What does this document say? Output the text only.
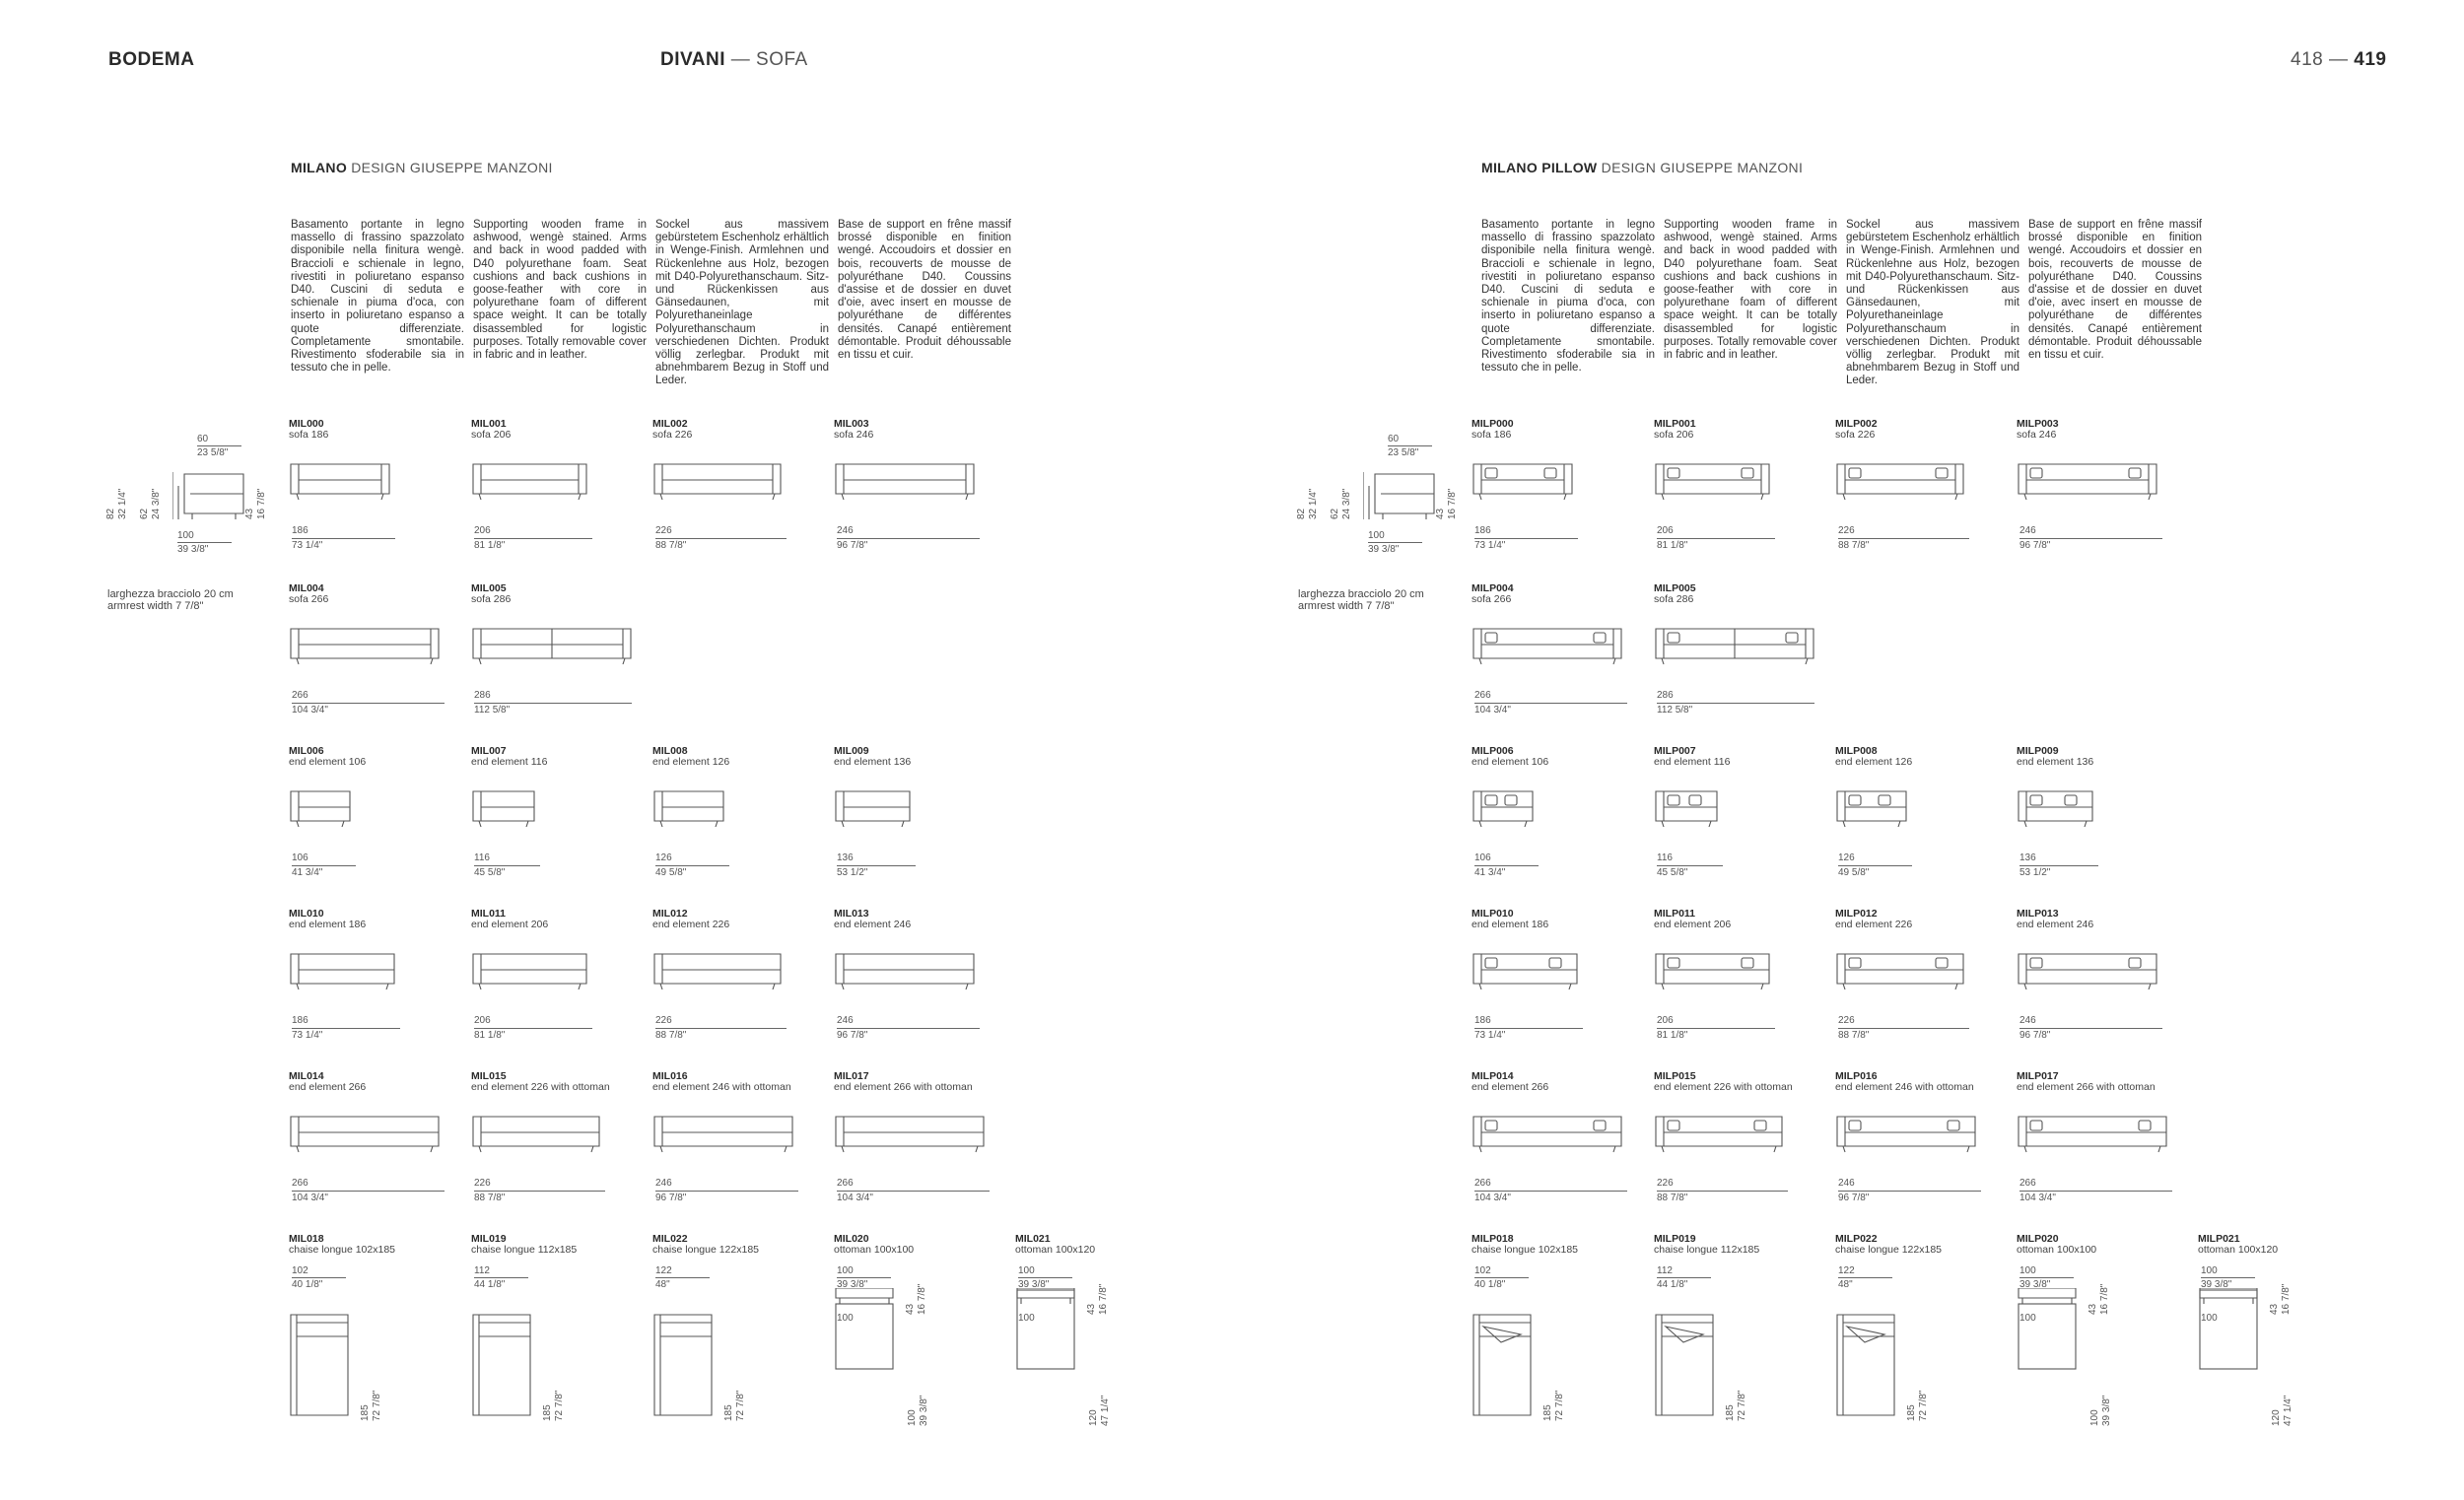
BODEMA	DIVANI — SOFA	418 — 419
MILANO DESIGN GIUSEPPE MANZONI
Basamento portante in legno massello di frassino spazzolato disponibile nella finitura wengè. Braccioli e schienale in legno, rivestiti in poliuretano espanso D40. Cuscini di seduta e schienale in piuma d'oca, con inserto in poliuretano espanso a quote differenziate. Completamente smontabile. Rivestimento sfoderabile sia in tessuto che in pelle.
Supporting wooden frame in ashwood, wengè stained. Arms and back in wood padded with D40 polyurethane foam. Seat cushions and back cushions in goose-feather with core in polyurethane foam of different space weight. It can be totally disassembled for logistic purposes. Totally removable cover in fabric and in leather.
Sockel aus massivem gebürstetem Eschenholz erhältlich in Wenge-Finish. Armlehnen und Rückenlehne aus Holz, bezogen mit D40-Polyurethanschaum. Sitz- und Rückenkissen aus Gänsedaunen, mit Polyurethaneinlage Polyurethanschaum in verschiedenen Dichten. Produkt völlig zerlegbar. Produkt mit abnehmbarem Bezug in Stoff und Leder.
Base de support en frêne massif brossé disponible en finition wengé. Accoudoirs et dossier en bois, recouverts de mousse de polyuréthane D40. Coussins d'assise et de dossier en duvet d'oie, avec insert en mousse de polyuréthane de différentes densités. Canapé entièrement démontable. Produit déhoussable en tissu et cuir.
MILANO PILLOW DESIGN GIUSEPPE MANZONI
Basamento portante in legno massello di frassino spazzolato disponibile nella finitura wengè. Braccioli e schienale in legno, rivestiti in poliuretano espanso D40. Cuscini di seduta e schienale in piuma d'oca, con inserto in poliuretano espanso a quote differenziate. Completamente smontabile. Rivestimento sfoderabile sia in tessuto che in pelle.
Supporting wooden frame in ashwood, wengè stained. Arms and back in wood padded with D40 polyurethane foam. Seat cushions and back cushions in goose-feather with core in polyurethane foam of different space weight. It can be totally disassembled for logistic purposes. Totally removable cover in fabric and in leather.
Sockel aus massivem gebürstetem Eschenholz erhältlich in Wenge-Finish. Armlehnen und Rückenlehne aus Holz, bezogen mit D40-Polyurethanschaum. Sitz- und Rückenkissen aus Gänsedaunen, mit Polyurethaneinlage Polyurethanschaum in verschiedenen Dichten. Produkt völlig zerlegbar. Produkt mit abnehmbarem Bezug in Stoff und Leder.
Base de support en frêne massif brossé disponible en finition wengé. Accoudoirs et dossier en bois, recouverts de mousse de polyuréthane D40. Coussins d'assise et de dossier en duvet d'oie, avec insert en mousse de polyuréthane de différentes densités. Canapé entièrement démontable. Produit déhoussable en tissu et cuir.
60
23 5/8"
82 32 1/4" 62 24 3/8"	43 16 7/8"
100
39 3/8"
larghezza bracciolo 20 cm
armrest width 7 7/8"
60
23 5/8"
82 32 1/4" 62 24 3/8"	43 16 7/8"
100
39 3/8"
larghezza bracciolo 20 cm
armrest width 7 7/8"
MIL000
sofa 186
186
73 1/4"
MIL001
sofa 206
206
81 1/8"
MIL002
sofa 226
226
88 7/8"
MIL003
sofa 246
246
96 7/8"
MIL004
sofa 266
266
104 3/4"
MIL005
sofa 286
286
112 5/8"
MIL006
end element 106
106
41 3/4"
MIL007
end element 116
116
45 5/8"
MIL008
end element 126
126
49 5/8"
MIL009
end element 136
136
53 1/2"
MIL010
end element 186
186
73 1/4"
MIL011
end element 206
206
81 1/8"
MIL012
end element 226
226
88 7/8"
MIL013
end element 246
246
96 7/8"
MIL014
end element 266
266
104 3/4"
MIL015
end element 226 with ottoman
226
88 7/8"
MIL016
end element 246 with ottoman
246
96 7/8"
MIL017
end element 266 with ottoman
266
104 3/4"
MIL018
chaise longue 102x185
102
40 1/8"
185 72 7/8"
MIL019
chaise longue 112x185
112
44 1/8"
185 72 7/8"
MIL022
chaise longue 122x185
122
48"
185 72 7/8"
MIL020
ottoman 100x100
100
39 3/8"
43 16 7/8"
100
100 39 3/8"
MIL021
ottoman 100x120
100
39 3/8"
43 16 7/8"
100
120 47 1/4"
MILP000
sofa 186
186
73 1/4"
MILP001
sofa 206
206
81 1/8"
MILP002
sofa 226
226
88 7/8"
MILP003
sofa 246
246
96 7/8"
MILP004
sofa 266
266
104 3/4"
MILP005
sofa 286
286
112 5/8"
MILP006
end element 106
106
41 3/4"
MILP007
end element 116
116
45 5/8"
MILP008
end element 126
126
49 5/8"
MILP009
end element 136
136
53 1/2"
MILP010
end element 186
186
73 1/4"
MILP011
end element 206
206
81 1/8"
MILP012
end element 226
226
88 7/8"
MILP013
end element 246
246
96 7/8"
MILP014
end element 266
266
104 3/4"
MILP015
end element 226 with ottoman
226
88 7/8"
MILP016
end element 246 with ottoman
246
96 7/8"
MILP017
end element 266 with ottoman
266
104 3/4"
MILP018
chaise longue 102x185
102
40 1/8"
185 72 7/8"
MILP019
chaise longue 112x185
112
44 1/8"
185 72 7/8"
MILP022
chaise longue 122x185
122
48"
185 72 7/8"
MILP020
ottoman 100x100
100
39 3/8"
43 16 7/8"
100
100 39 3/8"
MILP021
ottoman 100x120
100
39 3/8"
43 16 7/8"
100
120 47 1/4"
